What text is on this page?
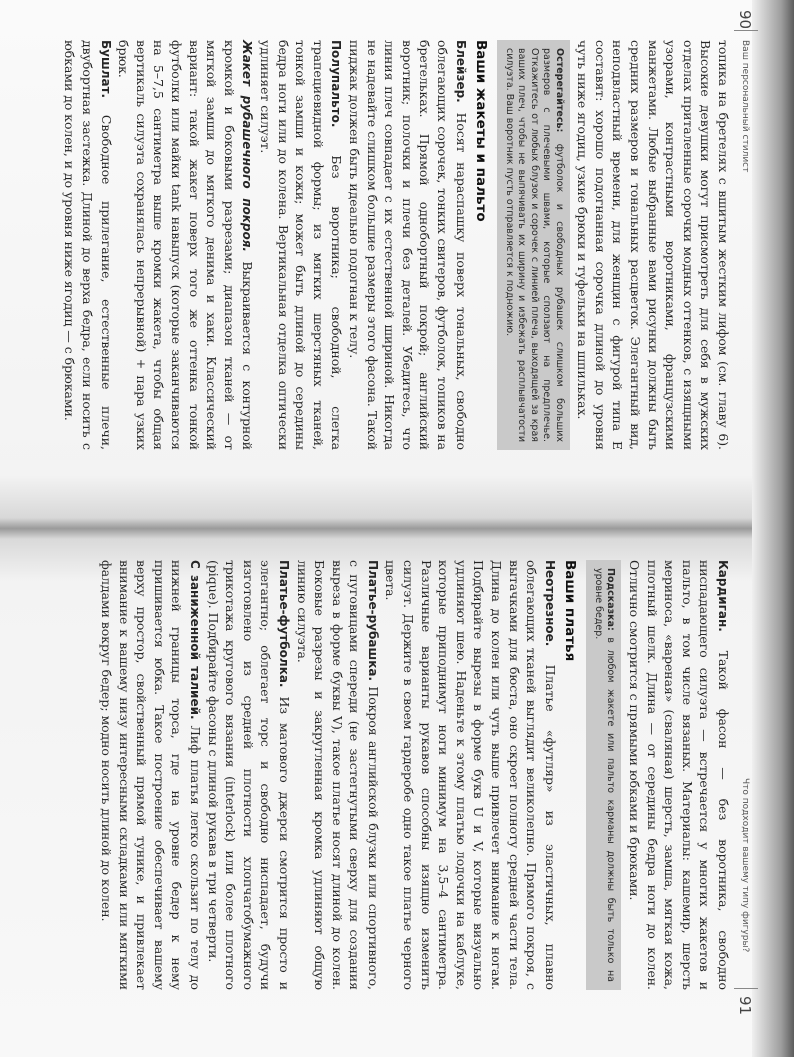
топика на бретелях с вшитым жестким лифом (см. главу 6). Высокие девушки могут присмотреть для себя в мужских отделах приталенные сорочки модных оттенков, с изящными узорами, контрастными воротниками, французскими манжетами. Любые выбранные вами рисунки должны быть средних размеров и тональных расцветок. Элегантный вид, неподвластный времени, для женщин с фигурой типа Е составят: хорошо подогнанная сорочка длиной до уровня чуть ниже ягодиц, узкие брюки и туфельки на шпильках.

Остерегайтесь: футболок и свободных рубашек слишком больших размеров с плечевыми швами, которые сползают на предплечье. Откажитесь от любых блузок и сорочек с линией плеча, выходящей за края ваших плеч, чтобы не выпячивать их ширину и избежать расплывчатости силуэта. Ваш воротник пусть отправляется к подножию.
Ваши жакеты и пальто

Блейзер. Носят нараспашку поверх тональных, свободно облегающих сорочек, тонких свитеров, футболок, топиков на бретельках. Прямой однобортный покрой; английский воротник; полочки и плечи без деталей. Убедитесь, что линия плеч совпадает с их естественной шириной. Никогда не надевайте слишком большие размеры этого фасона. Такой пиджак должен быть идеально подогнан к телу.

Полупальто. Без воротника; свободной, слегка трапециевидной формы; из мягких шерстяных тканей, тонкой замши и кожи; может быть длиной до середины бедра ноги или до колена. Вертикальная отделка оптически удлиняет силуэт.

Жакет рубашечного покроя. Выкраивается с контурной кромкой и боковыми разрезами; диапазон тканей — от мягкой замши до мягкого денима и хаки. Классический вариант: такой жакет поверх того же оттенка тонкой футболки или майки tank навыпуск (которые заканчиваются на 5–7,5 сантиметра выше кромки жакета, чтобы общая вертикаль силуэта сохранялась непрерывной) + пара узких брюк.

Бушлат. Свободное прилегание, естественные плечи, двубортная застежка. Длиной до верха бедра, если носить с юбками до колен, и до уровня ниже ягодиц — с брюками.

90
Ваш персональный стилист

Кардиган. Такой фасон — без воротника, свободно ниспадающего силуэта — встречается у многих жакетов и пальто, в том числе вязаных. Материалы: кашемир, шерсть мериноса, «вареная» (сваляная) шерсть, замша, мягкая кожа, плотный шелк. Длина — от середины бедра ноги до колен. Отлично смотрится с прямыми юбками и брюками.

Подсказка: в любом жакете или пальто карманы должны быть только на уровне бедер.
Ваши платья

Неотрезное. Платье «футляр» из эластичных, плавно облегающих тканей выглядит великолепно. Прямого покроя, с вытачками для бюста, оно скроет полноту средней части тела. Длина до колен или чуть выше привлечет внимание к ногам. Подбирайте вырезы в форме букв U и V, которые визуально удлиняют шею. Наденьте к этому платью лодочки на каблуке, которые приподнимут ноги минимум на 3,5–4 сантиметра. Различные варианты рукавов способны изящно изменить силуэт. Держите в своем гардеробе одно такое платье черного цвета.

Платье-рубашка. Покроя английской блузки или спортивного, с пуговицами спереди (не застегнутыми сверху для создания выреза в форме буквы V), такое платье носят длиной до колен. Боковые разрезы и закругленная кромка удлиняют общую линию силуэта.

Платье-футболка. Из матового джерси смотрится просто и элегантно; облегает торс и свободно ниспадает, будучи изготовлено из средней плотности хлопчатобумажного трикотажа кругового вязания (interlock) или более плотного (pique). Подбирайте фасоны с длиной рукава в три четверти.

С заниженной талией. Лиф платья легко скользит по телу до нижней границы торса, где на уровне бедер к нему пришивается юбка. Такое построение обеспечивает вашему верху простор, свойственный прямой тунике, и привлекает внимание к вашему низу интересными складками или мягкими фалдами вокруг бедер; модно носить длиной до колен.	Что подходит вашему типу фигуры?
91
